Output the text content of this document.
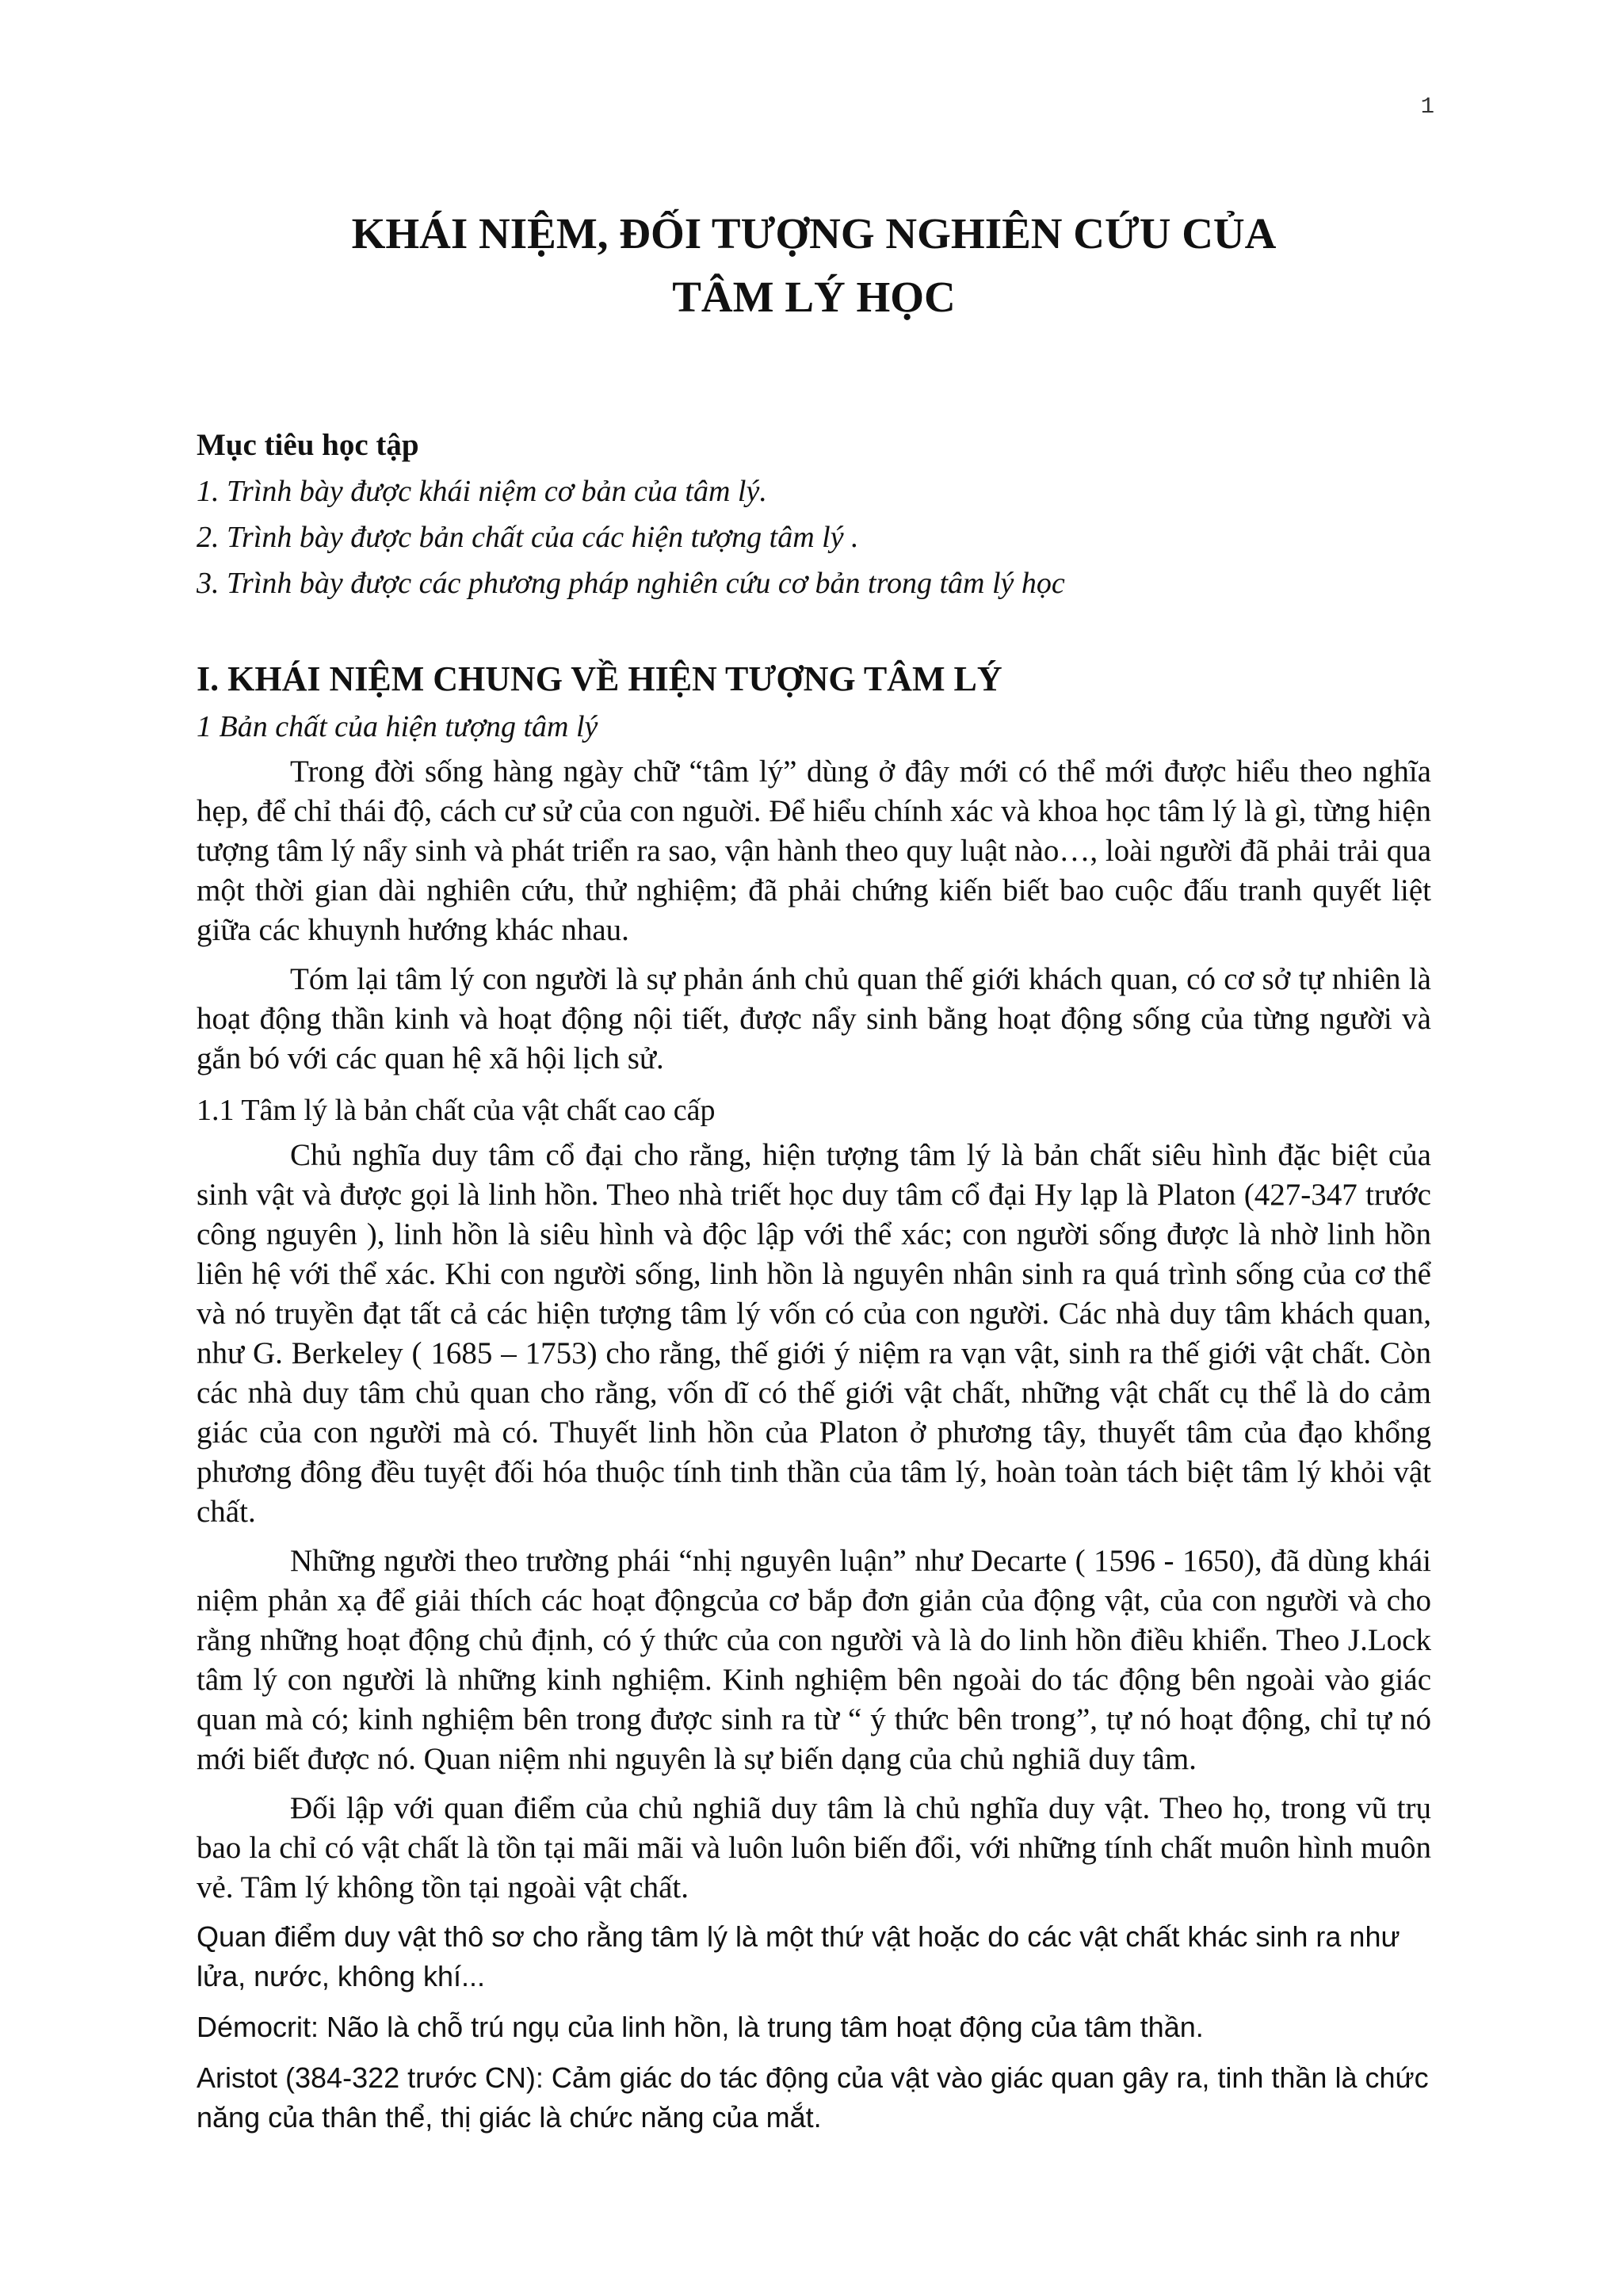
1
KHÁI NIỆM, ĐỐI TƯỢNG NGHIÊN CỨU CỦA
TÂM LÝ HỌC

Mục tiêu học tập

1. Trình bày được khái niệm cơ bản của tâm lý.

2. Trình bày được bản chất của các hiện tượng tâm lý .

3. Trình bày được các phương pháp nghiên cứu cơ bản trong tâm lý học

I. KHÁI NIỆM CHUNG VỀ HIỆN TƯỢNG TÂM LÝ

1 Bản chất của hiện tượng tâm lý

Trong đời sống hàng ngày chữ “tâm lý” dùng ở đây mới có thể mới được hiểu theo nghĩa hẹp, để chỉ thái độ, cách cư sử của con nguời. Để hiểu chính xác và khoa học tâm lý là gì, từng hiện tượng tâm lý nẩy sinh và phát triển ra sao, vận hành theo quy luật nào…, loài người đã phải trải qua một thời gian dài nghiên cứu, thử nghiệm; đã phải chứng kiến biết bao cuộc đấu tranh quyết liệt giữa các khuynh hướng khác nhau.

Tóm lại tâm lý con người là sự phản ánh chủ quan thế giới khách quan, có cơ sở tự nhiên là hoạt động thần kinh và hoạt động nội tiết, được nẩy sinh bằng hoạt động sống của từng người và gắn bó với các quan hệ xã hội lịch sử.

1.1 Tâm lý là bản chất của vật chất cao cấp

Chủ nghĩa duy tâm cổ đại cho rằng, hiện tượng tâm lý là bản chất siêu hình đặc biệt của sinh vật và được gọi là linh hồn. Theo nhà triết học duy tâm cổ đại Hy lạp là Platon (427-347 trước công nguyên ), linh hồn là siêu hình và độc lập với thể xác; con người sống được là nhờ linh hồn liên hệ với thể xác. Khi con người sống, linh hồn là nguyên nhân sinh ra quá trình sống của cơ thể và nó truyền đạt tất cả các hiện tượng tâm lý vốn có của con người. Các nhà duy tâm khách quan, như G. Berkeley ( 1685 – 1753) cho rằng, thế giới ý niệm ra vạn vật, sinh ra thế giới vật chất. Còn các nhà duy tâm chủ quan cho rằng, vốn dĩ có thế giới vật chất, những vật chất cụ thể là do cảm giác của con người mà có. Thuyết linh hồn của Platon ở phương tây, thuyết tâm của đạo khổng phương đông đều tuyệt đối hóa thuộc tính tinh thần của tâm lý, hoàn toàn tách biệt tâm lý khỏi vật chất.

Những người theo trường phái “nhị nguyên luận” như Decarte ( 1596 - 1650), đã dùng khái niệm phản xạ để giải thích các hoạt độngcủa cơ bắp đơn giản của động vật, của con người và cho rằng những hoạt động chủ định, có ý thức của con người và là do linh hồn điều khiển. Theo J.Lock tâm lý con người là những kinh nghiệm. Kinh nghiệm bên ngoài do tác động bên ngoài vào giác quan mà có; kinh nghiệm bên trong được sinh ra từ “ ý thức bên trong”, tự nó hoạt động, chỉ tự nó mới biết được nó. Quan niệm nhi nguyên là sự biến dạng của chủ nghiã duy tâm.

Đối lập với quan điểm của chủ nghiã duy tâm là chủ nghĩa duy vật. Theo họ, trong vũ trụ bao la chỉ có vật chất là tồn tại mãi mãi và luôn luôn biến đổi, với những tính chất muôn hình muôn vẻ. Tâm lý không tồn tại ngoài vật chất.

Quan điểm duy vật thô sơ cho rằng tâm lý là một thứ vật hoặc do các vật chất khác sinh ra như lửa, nước, không khí...

Démocrit: Não là chỗ trú ngụ của linh hồn, là trung tâm hoạt động của tâm thần.

Aristot (384-322 trước CN): Cảm giác do tác động của vật vào giác quan gây ra, tinh thần là chức năng của thân thể, thị giác là chức năng của mắt.
